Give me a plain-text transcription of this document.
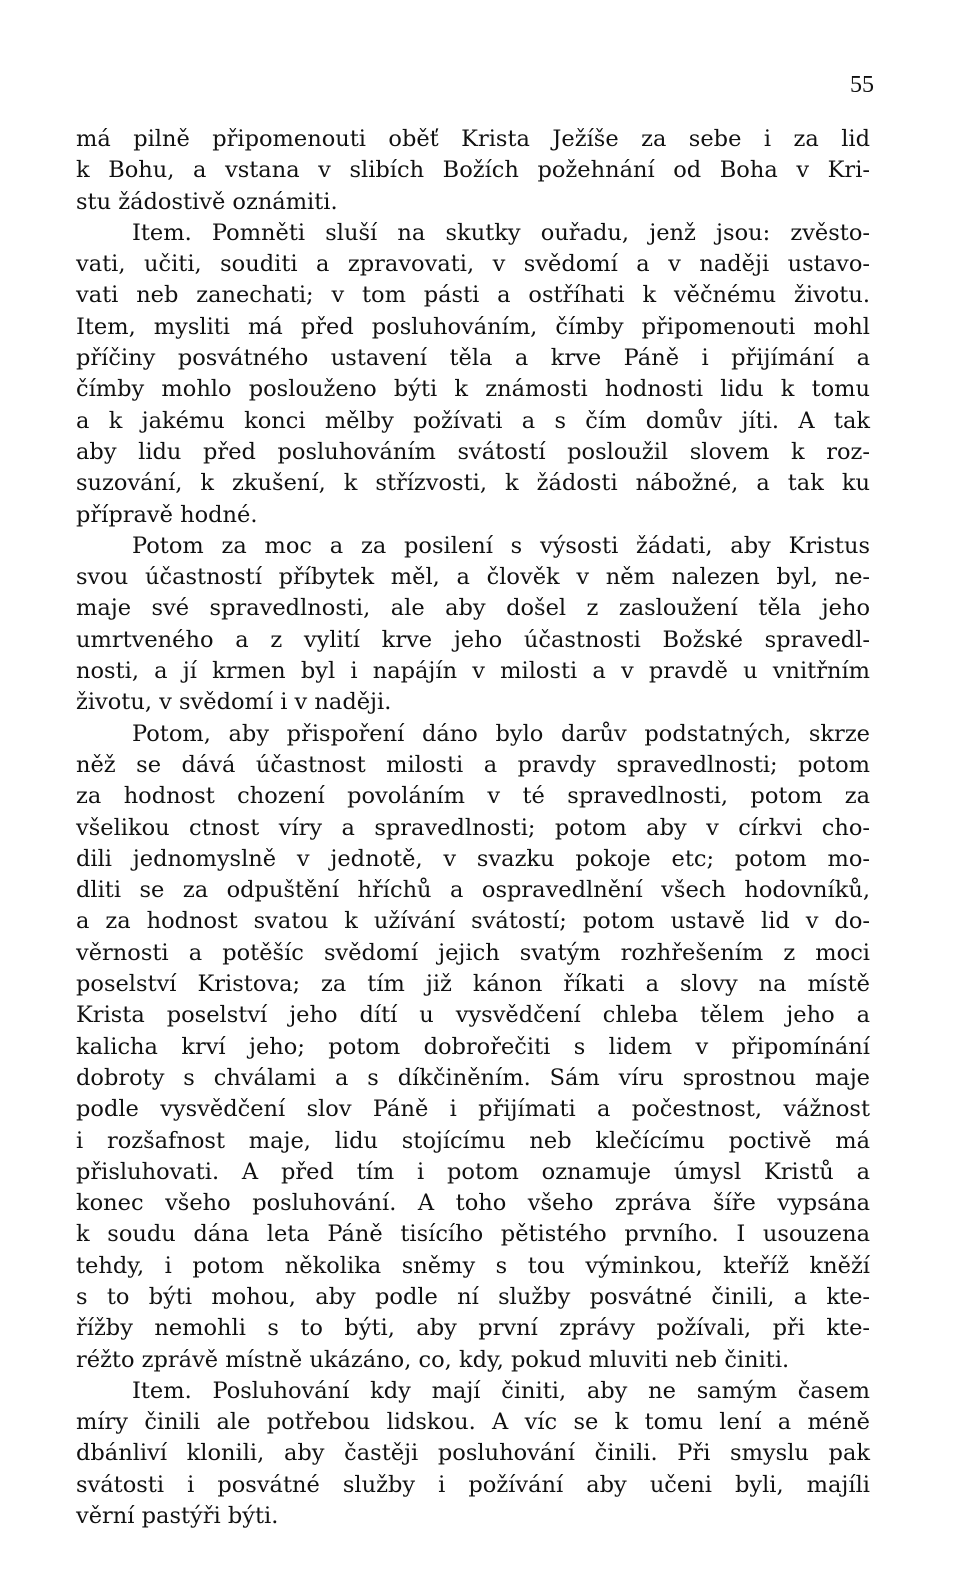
55
má pilně připomenouti oběť Krista Ježíše za sebe i za lid
k Bohu, a vstana v slibích Božích požehnání od Boha v Kri-
stu žádostivě oznámiti.
Item. Pomněti sluší na skutky ouřadu, jenž jsou: zvěsto-
vati, učiti, souditi a zpravovati, v svědomí a v naději ustavo-
vati neb zanechati; v tom pásti a ostříhati k věčnému životu.
Item, mysliti má před posluhováním, čímby připomenouti mohl
příčiny posvátného ustavení těla a krve Páně i přijímání a
čímby mohlo poslouženo býti k známosti hodnosti lidu k tomu
a k jakému konci mělby požívati a s čím domův jíti. A tak
aby lidu před posluhováním svátostí posloužil slovem k roz-
suzování, k zkušení, k střízvosti, k žádosti nábožné, a tak ku
přípravě hodné.
Potom za moc a za posilení s výsosti žádati, aby Kristus
svou účastností příbytek měl, a člověk v něm nalezen byl, ne-
maje své spravedlnosti, ale aby došel z zasloužení těla jeho
umrtveného a z vylití krve jeho účastnosti Božské spravedl-
nosti, a jí krmen byl i napájín v milosti a v pravdě u vnitřním
životu, v svědomí i v naději.
Potom, aby přispoření dáno bylo darův podstatných, skrze
něž se dává účastnost milosti a pravdy spravedlnosti; potom
za hodnost chození povoláním v té spravedlnosti, potom za
všelikou ctnost víry a spravedlnosti; potom aby v církvi cho-
dili jednomyslně v jednotě, v svazku pokoje etc; potom mo-
dliti se za odpuštění hříchů a ospravedlnění všech hodovníků,
a za hodnost svatou k užívání svátostí; potom ustavě lid v do-
věrnosti a potěšíc svědomí jejich svatým rozhřešením z moci
poselství Kristova; za tím již kánon říkati a slovy na místě
Krista poselství jeho dítí u vysvědčení chleba tělem jeho a
kalicha krví jeho; potom dobrořečiti s lidem v připomínání
dobroty s chválami a s díkčiněním. Sám víru sprostnou maje
podle vysvědčení slov Páně i přijímati a počestnost, vážnost
i rozšafnost maje, lidu stojícímu neb klečícímu poctivě má
přisluhovati. A před tím i potom oznamuje úmysl Kristů a
konec všeho posluhování. A toho všeho zpráva šíře vypsána
k soudu dána leta Páně tisícího pětistého prvního. I usouzena
tehdy, i potom několika sněmy s tou výminkou, kteříž kněží
s to býti mohou, aby podle ní služby posvátné činili, a kte-
řížby nemohli s to býti, aby první zprávy požívali, při kte-
réžto zprávě místně ukázáno, co, kdy, pokud mluviti neb činiti.
Item. Posluhování kdy mají činiti, aby ne samým časem
míry činili ale potřebou lidskou. A víc se k tomu lení a méně
dbánliví klonili, aby častěji posluhování činili. Při smyslu pak
svátosti i posvátné služby i požívání aby učeni byli, majíli
věrní pastýři býti.
